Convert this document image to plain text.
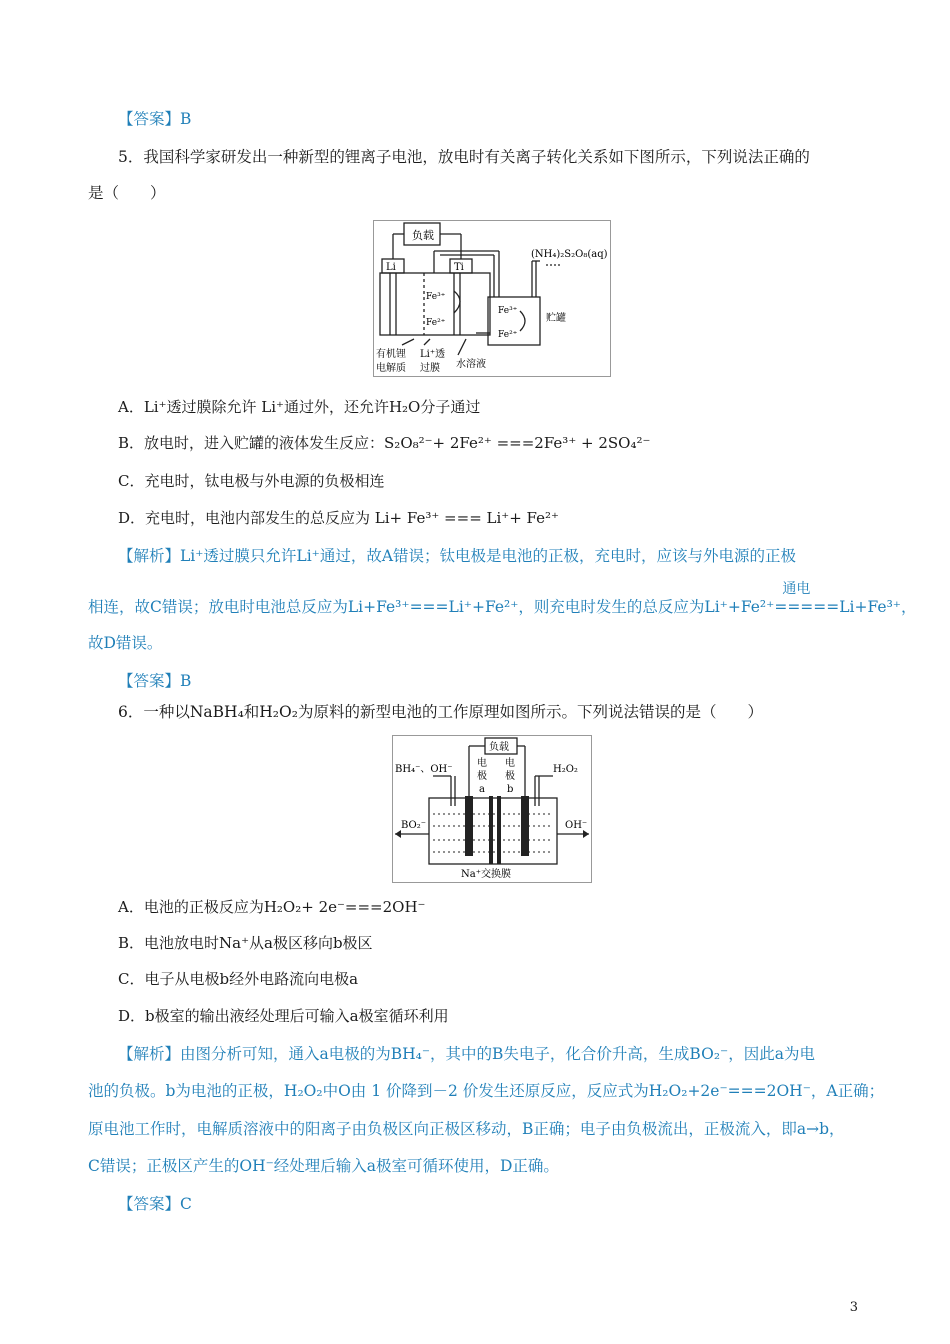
【答案】B
5．我国科学家研发出一种新型的锂离子电池，放电时有关离子转化关系如下图所示，下列说法正确的
是（　　）
负载
Li	Ti
(NH₄)₂S₂O₈(aq)
Fe³⁺
Fe²⁺
Fe³⁺
Fe²⁺
贮罐
有机锂
电解质
Li⁺透
过膜 水溶液
A．Li⁺透过膜除允许 Li⁺通过外，还允许H₂O分子通过
B．放电时，进入贮罐的液体发生反应：S₂O₈²⁻+ 2Fe²⁺ ===2Fe³⁺ + 2SO₄²⁻
C．充电时，钛电极与外电源的负极相连
D．充电时，电池内部发生的总反应为 Li+ Fe³⁺ === Li⁺+ Fe²⁺
【解析】Li⁺透过膜只允许Li⁺通过，故A错误；钛电极是电池的正极，充电时，应该与外电源的正极
相连，故C错误；放电时电池总反应为Li+Fe³⁺===Li⁺+Fe²⁺，则充电时发生的总反应为Li⁺+Fe²⁺
通电
=====Li+Fe³⁺，
故D错误。
【答案】B
6．一种以NaBH₄和H₂O₂为原料的新型电池的工作原理如图所示。下列说法错误的是（　　）
负载
电
极
电
极
a b
BH₄⁻、OH⁻	H₂O₂
BO₂⁻	OH⁻
Na⁺交换膜
A．电池的正极反应为H₂O₂+ 2e⁻===2OH⁻
B．电池放电时Na⁺从a极区移向b极区
C．电子从电极b经外电路流向电极a
D．b极室的输出液经处理后可输入a极室循环利用
【解析】由图分析可知，通入a电极的为BH₄⁻，其中的B失电子，化合价升高，生成BO₂⁻，因此a为电
池的负极。b为电池的正极，H₂O₂中O由 1 价降到－2 价发生还原反应，反应式为H₂O₂+2e⁻===2OH⁻，A正确；
原电池工作时，电解质溶液中的阳离子由负极区向正极区移动，B正确；电子由负极流出，正极流入，即a→b，
C错误；正极区产生的OH⁻经处理后输入a极室可循环使用，D正确。
【答案】C
3
